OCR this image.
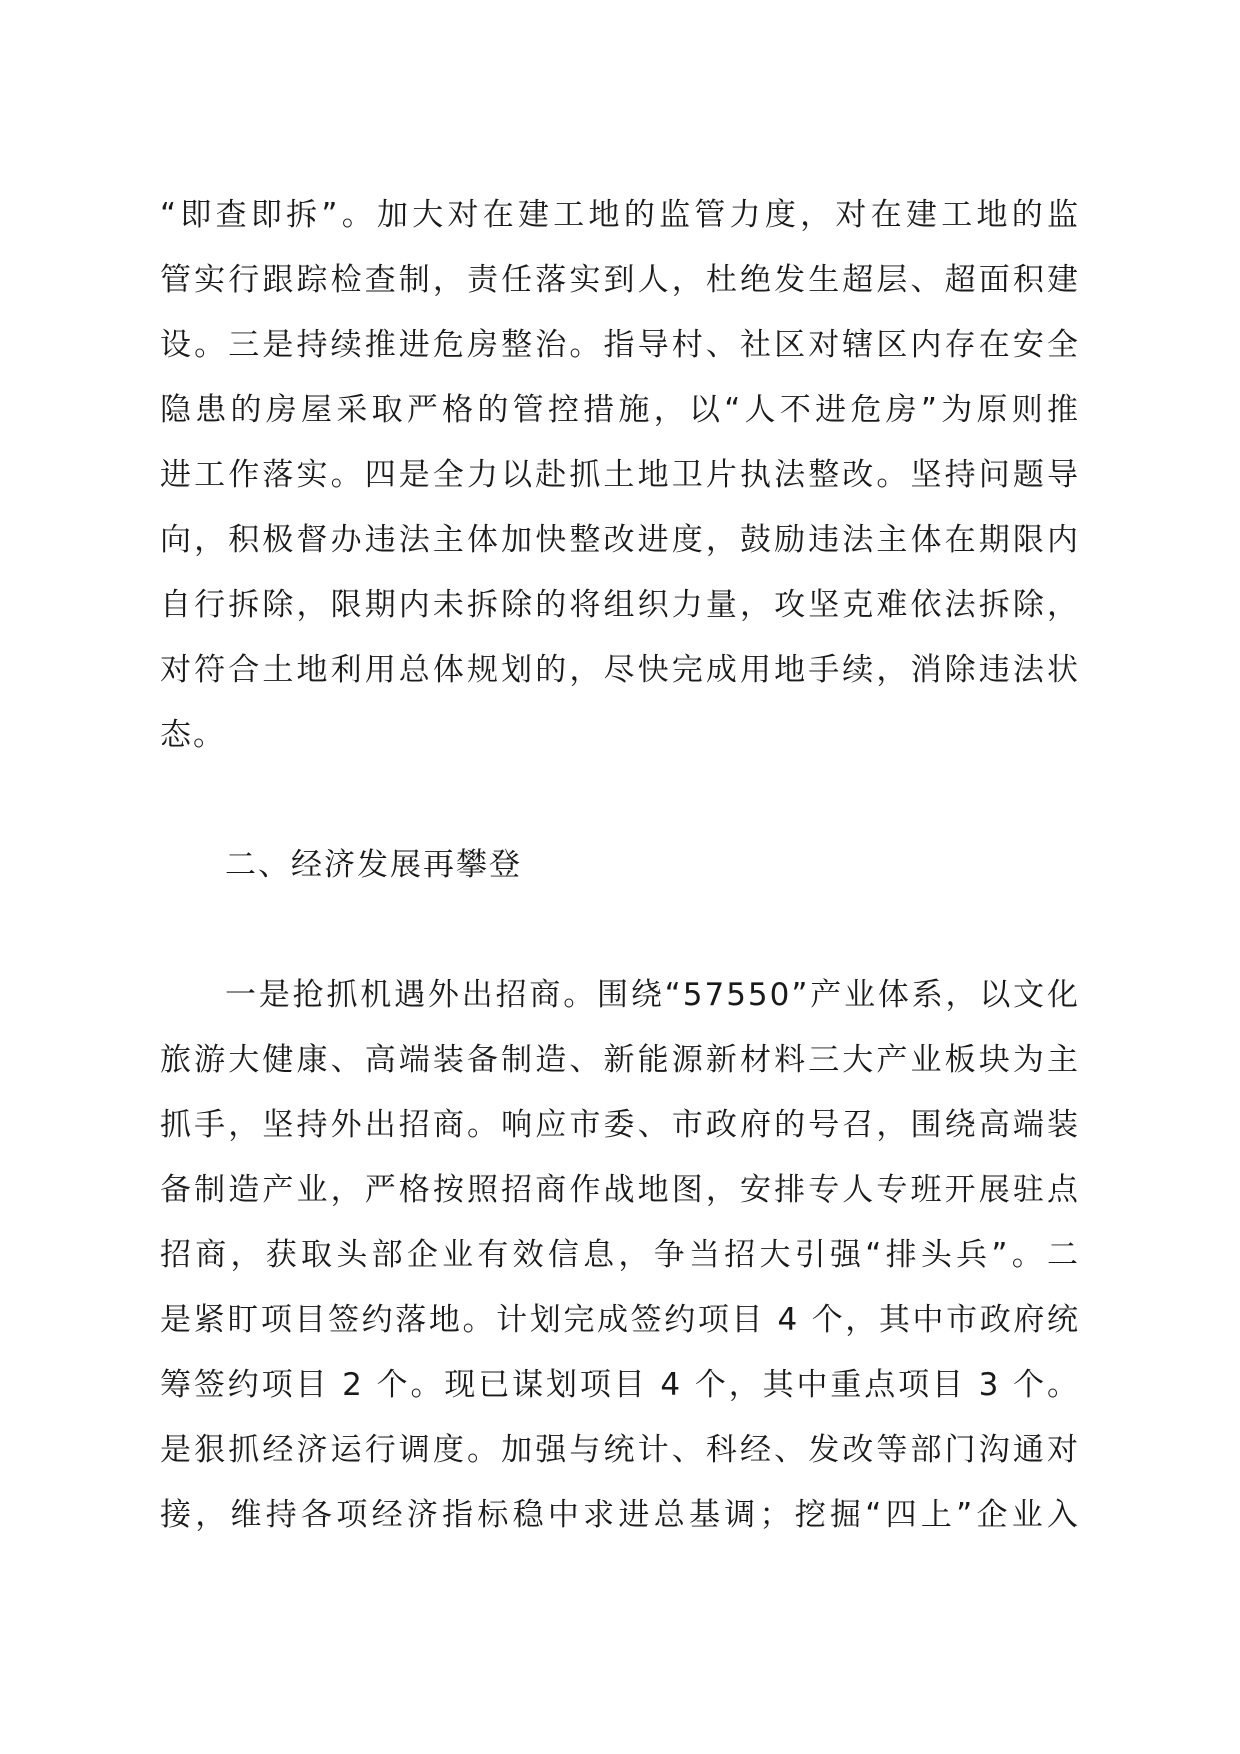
“即查即拆”。加大对在建工地的监管力度，对在建工地的监
管实行跟踪检查制，责任落实到人，杜绝发生超层、超面积建
设。三是持续推进危房整治。指导村、社区对辖区内存在安全
隐患的房屋采取严格的管控措施，以“人不进危房”为原则推
进工作落实。四是全力以赴抓土地卫片执法整改。坚持问题导
向，积极督办违法主体加快整改进度，鼓励违法主体在期限内
自行拆除，限期内未拆除的将组织力量，攻坚克难依法拆除，
对符合土地利用总体规划的，尽快完成用地手续，消除违法状
态。
二、经济发展再攀登
一是抢抓机遇外出招商。围绕“57550”产业体系，以文化
旅游大健康、高端装备制造、新能源新材料三大产业板块为主
抓手，坚持外出招商。响应市委、市政府的号召，围绕高端装
备制造产业，严格按照招商作战地图，安排专人专班开展驻点
招商，获取头部企业有效信息，争当招大引强“排头兵”。二
是紧盯项目签约落地。计划完成签约项目 4 个，其中市政府统
筹签约项目 2 个。现已谋划项目 4 个，其中重点项目 3 个。
是狠抓经济运行调度。加强与统计、科经、发改等部门沟通对
接，维持各项经济指标稳中求进总基调；挖掘“四上”企业入
